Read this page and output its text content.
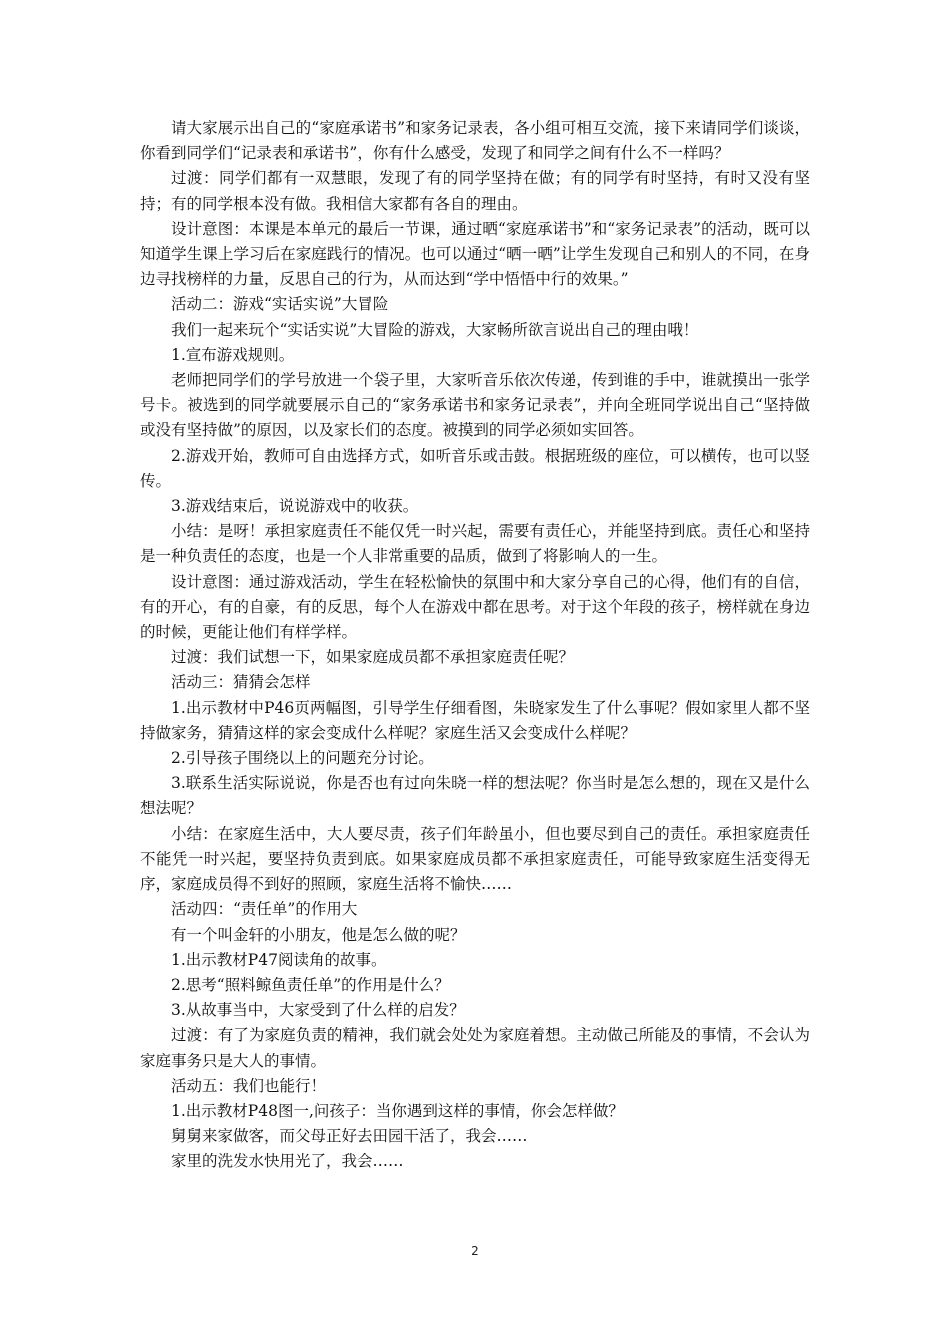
请大家展示出自己的“家庭承诺书”和家务记录表，各小组可相互交流，接下来请同学们谈谈，你看到同学们“记录表和承诺书”，你有什么感受，发现了和同学之间有什么不一样吗？

过渡：同学们都有一双慧眼，发现了有的同学坚持在做；有的同学有时坚持，有时又没有坚持；有的同学根本没有做。我相信大家都有各自的理由。

设计意图：本课是本单元的最后一节课，通过晒“家庭承诺书”和“家务记录表”的活动，既可以知道学生课上学习后在家庭践行的情况。也可以通过“晒一晒”让学生发现自己和别人的不同，在身边寻找榜样的力量，反思自己的行为，从而达到“学中悟悟中行的效果。”

活动二：游戏“实话实说”大冒险

我们一起来玩个“实话实说”大冒险的游戏，大家畅所欲言说出自己的理由哦！

1.宣布游戏规则。

老师把同学们的学号放进一个袋子里，大家听音乐依次传递，传到谁的手中，谁就摸出一张学号卡。被选到的同学就要展示自己的“家务承诺书和家务记录表”，并向全班同学说出自己“坚持做或没有坚持做”的原因，以及家长们的态度。被摸到的同学必须如实回答。

2.游戏开始，教师可自由选择方式，如听音乐或击鼓。根据班级的座位，可以横传，也可以竖传。

3.游戏结束后，说说游戏中的收获。

小结：是呀！承担家庭责任不能仅凭一时兴起，需要有责任心，并能坚持到底。责任心和坚持是一种负责任的态度，也是一个人非常重要的品质，做到了将影响人的一生。

设计意图：通过游戏活动，学生在轻松愉快的氛围中和大家分享自己的心得，他们有的自信，有的开心，有的自豪，有的反思，每个人在游戏中都在思考。对于这个年段的孩子，榜样就在身边的时候，更能让他们有样学样。

过渡：我们试想一下，如果家庭成员都不承担家庭责任呢？

活动三：猜猜会怎样

1.出示教材中P46页两幅图，引导学生仔细看图，朱晓家发生了什么事呢？假如家里人都不坚持做家务，猜猜这样的家会变成什么样呢？家庭生活又会变成什么样呢？

2.引导孩子围绕以上的问题充分讨论。

3.联系生活实际说说，你是否也有过向朱晓一样的想法呢？你当时是怎么想的，现在又是什么想法呢？

小结：在家庭生活中，大人要尽责，孩子们年龄虽小，但也要尽到自己的责任。承担家庭责任不能凭一时兴起，要坚持负责到底。如果家庭成员都不承担家庭责任，可能导致家庭生活变得无序，家庭成员得不到好的照顾，家庭生活将不愉快……

活动四：“责任单”的作用大

有一个叫金轩的小朋友，他是怎么做的呢？

1.出示教材P47阅读角的故事。

2.思考“照料鲸鱼责任单”的作用是什么？

3.从故事当中，大家受到了什么样的启发？

过渡：有了为家庭负责的精神，我们就会处处为家庭着想。主动做己所能及的事情，不会认为家庭事务只是大人的事情。

活动五：我们也能行！

1.出示教材P48图一,问孩子：当你遇到这样的事情，你会怎样做？

舅舅来家做客，而父母正好去田园干活了，我会……

家里的洗发水快用光了，我会……

2
